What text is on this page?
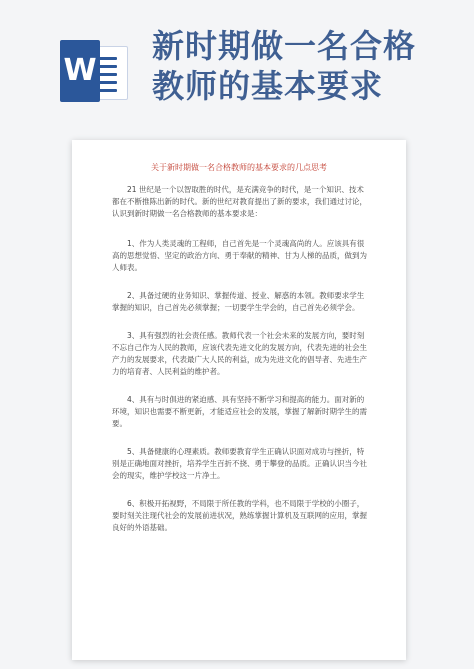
W
新时期做一名合格
教师的基本要求
关于新时期做一名合格教师的基本要求的几点思考

21 世纪是一个以智取胜的时代，是充满竞争的时代，是一个知识、技术都在不断推陈出新的时代。新的世纪对教育提出了新的要求，我们通过讨论，认识到新时期做一名合格教师的基本要求是：

1、作为人类灵魂的工程师，自己首先是一个灵魂高尚的人。应该具有很高的思想觉悟、坚定的政治方向、勇于奉献的精神、甘为人梯的品质，做到为人师表。

2、具备过硬的业务知识、掌握传道、授业、解惑的本领。教师要求学生掌握的知识，自己首先必须掌握；一切要学生学会的，自己首先必须学会。

3、具有强烈的社会责任感。教师代表一个社会未来的发展方向，要时刻不忘自己作为人民的教师，应该代表先进文化的发展方向，代表先进的社会生产力的发展要求，代表最广大人民的利益，成为先进文化的倡导者、先进生产力的培育者、人民利益的维护者。

4、具有与时俱进的紧迫感、具有坚持不断学习和提高的能力。面对新的环境，知识也需要不断更新，才能适应社会的发展，掌握了解新时期学生的需要。

5、具备健康的心理素质。教师要教育学生正确认识面对成功与挫折，特别是正确地面对挫折，培养学生百折不挠、勇于攀登的品质。正确认识当今社会的现实，维护学校这一片净土。

6、积极开拓视野，不局限于所任教的学科，也不局限于学校的小圈子，要时刻关注现代社会的发展前进状况，熟练掌握计算机及互联网的应用，掌握良好的外语基础。
